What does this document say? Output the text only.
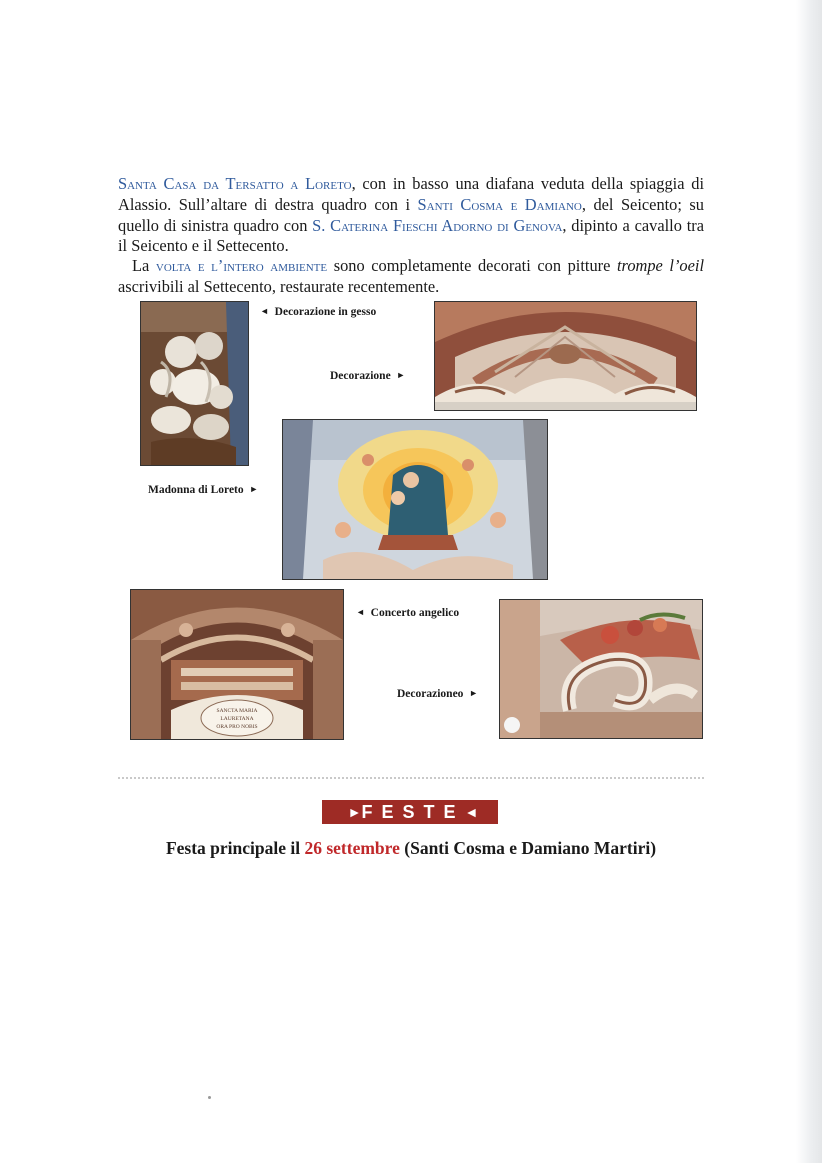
Santa Casa da Tersatto a Loreto, con in basso una diafana veduta della spiaggia di Alassio. Sull’altare di destra quadro con i Santi Cosma e Damiano, del Seicento; su quello di sinistra quadro con S. Caterina Fieschi Adorno di Genova, dipinto a cavallo tra il Seicento e il Settecento.

La volta e l’intero ambiente sono completamente decorati con pitture trompe l’oeil ascrivibili al Settecento, restaurate recentemente.

◄ Decorazione in gesso
Decorazione ►
Madonna di Loreto ►
SANCTA MARIA
LAURETANA
ORA PRO NOBIS
◄ Concerto angelico
Decorazioneo ►
► FESTE ◄
Festa principale il 26 settembre (Santi Cosma e Damiano Martiri)
